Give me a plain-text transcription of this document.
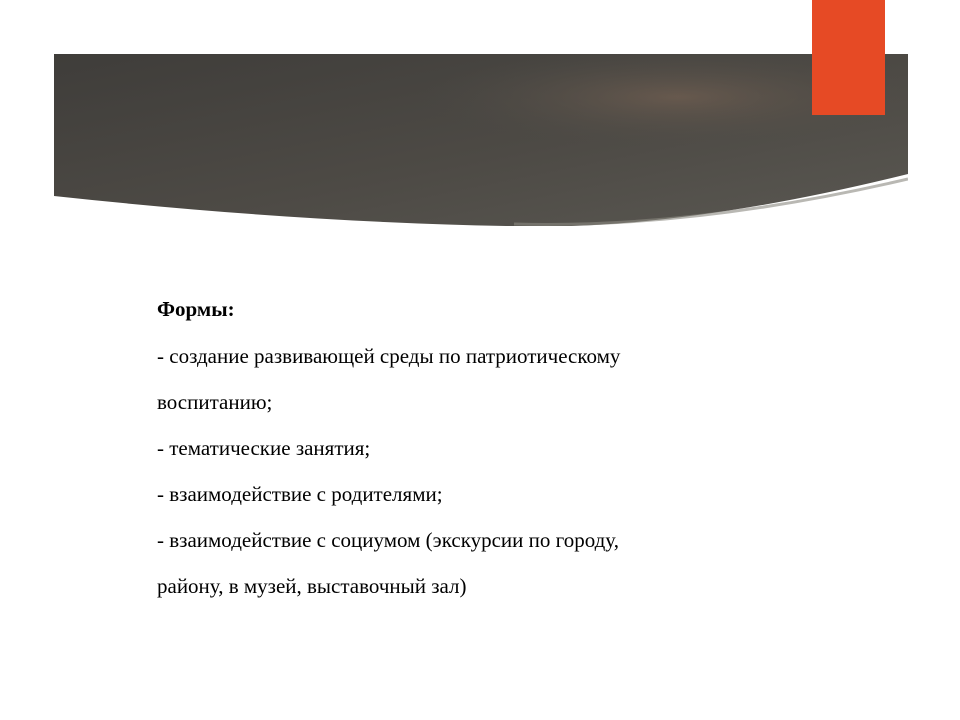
Формы:
- создание развивающей среды по патриотическому
воспитанию;
- тематические занятия;
- взаимодействие с родителями;
- взаимодействие с социумом (экскурсии по городу,
району, в музей, выставочный зал)
